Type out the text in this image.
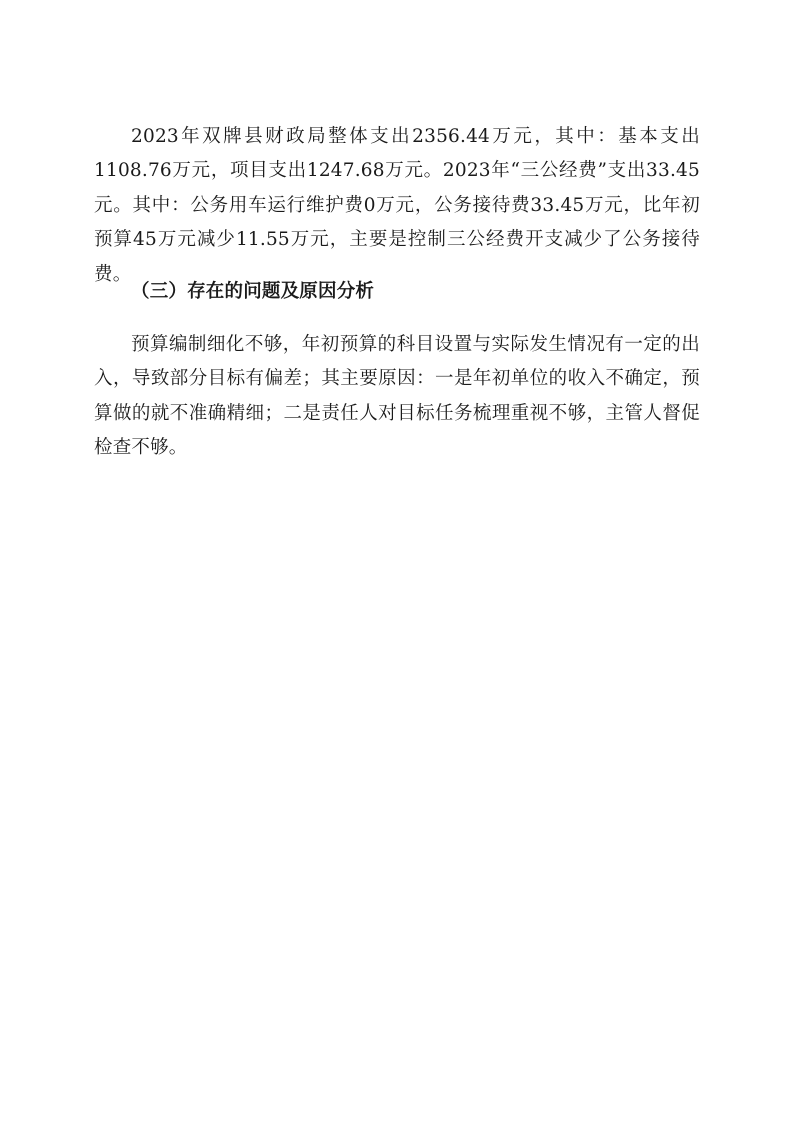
2023年双牌县财政局整体支出2356.44万元，其中：基本支出1108.76万元，项目支出1247.68万元。2023年“三公经费”支出33.45元。其中：公务用车运行维护费0万元，公务接待费33.45万元，比年初预算45万元减少11.55万元，主要是控制三公经费开支减少了公务接待费。

（三）存在的问题及原因分析

预算编制细化不够，年初预算的科目设置与实际发生情况有一定的出入，导致部分目标有偏差；其主要原因：一是年初单位的收入不确定，预算做的就不准确精细；二是责任人对目标任务梳理重视不够，主管人督促检查不够。
